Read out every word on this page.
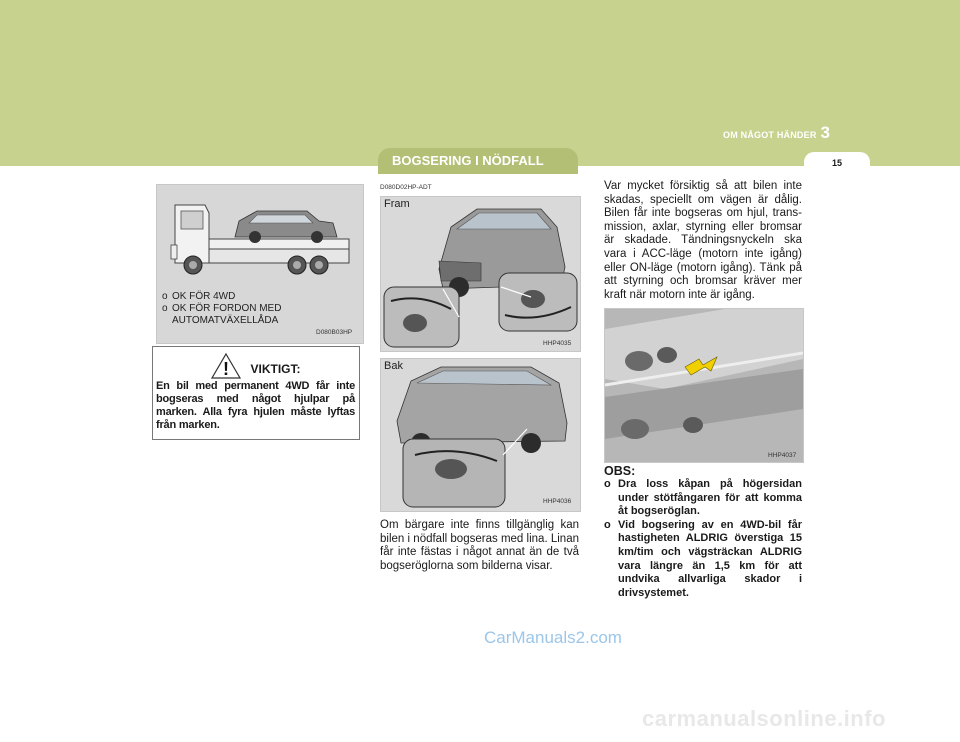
OM NÅGOT HÄNDER 3
15
BOGSERING I NÖDFALL
o OK FÖR 4WD
o OK FÖR FORDON MED AUTOMATVÄXELLÅDA
D080B03HP
! VIKTIGT:
En bil med permanent 4WD får inte bogseras med något hjulpar på marken. Alla fyra hjulen måste lyftas från marken.
D080D02HP-ADT
Fram
HHP4035
Bak
HHP4036
Om bärgare inte finns tillgänglig kan bilen i nödfall bogseras med lina. Linan får inte fästas i något annat än de två bogseröglorna som bilderna visar.
Var mycket försiktig så att bilen inte skadas, speciellt om vägen är dålig. Bilen får inte bogseras om hjul, trans-mission, axlar, styrning eller bromsar är skadade. Tändningsnyckeln ska vara i ACC-läge (motorn inte igång) eller ON-läge (motorn igång). Tänk på att styrning och bromsar kräver mer kraft när motorn inte är igång.
HHP4037
OBS:
o Dra loss kåpan på högersidan under stötfångaren för att komma åt bogseröglan.
o Vid bogsering av en 4WD-bil får hastigheten ALDRIG överstiga 15 km/tim och vägsträckan ALDRIG vara längre än 1,5 km för att undvika allvarliga skador i drivsystemet.
CarManuals2.com
carmanualsonline.info
